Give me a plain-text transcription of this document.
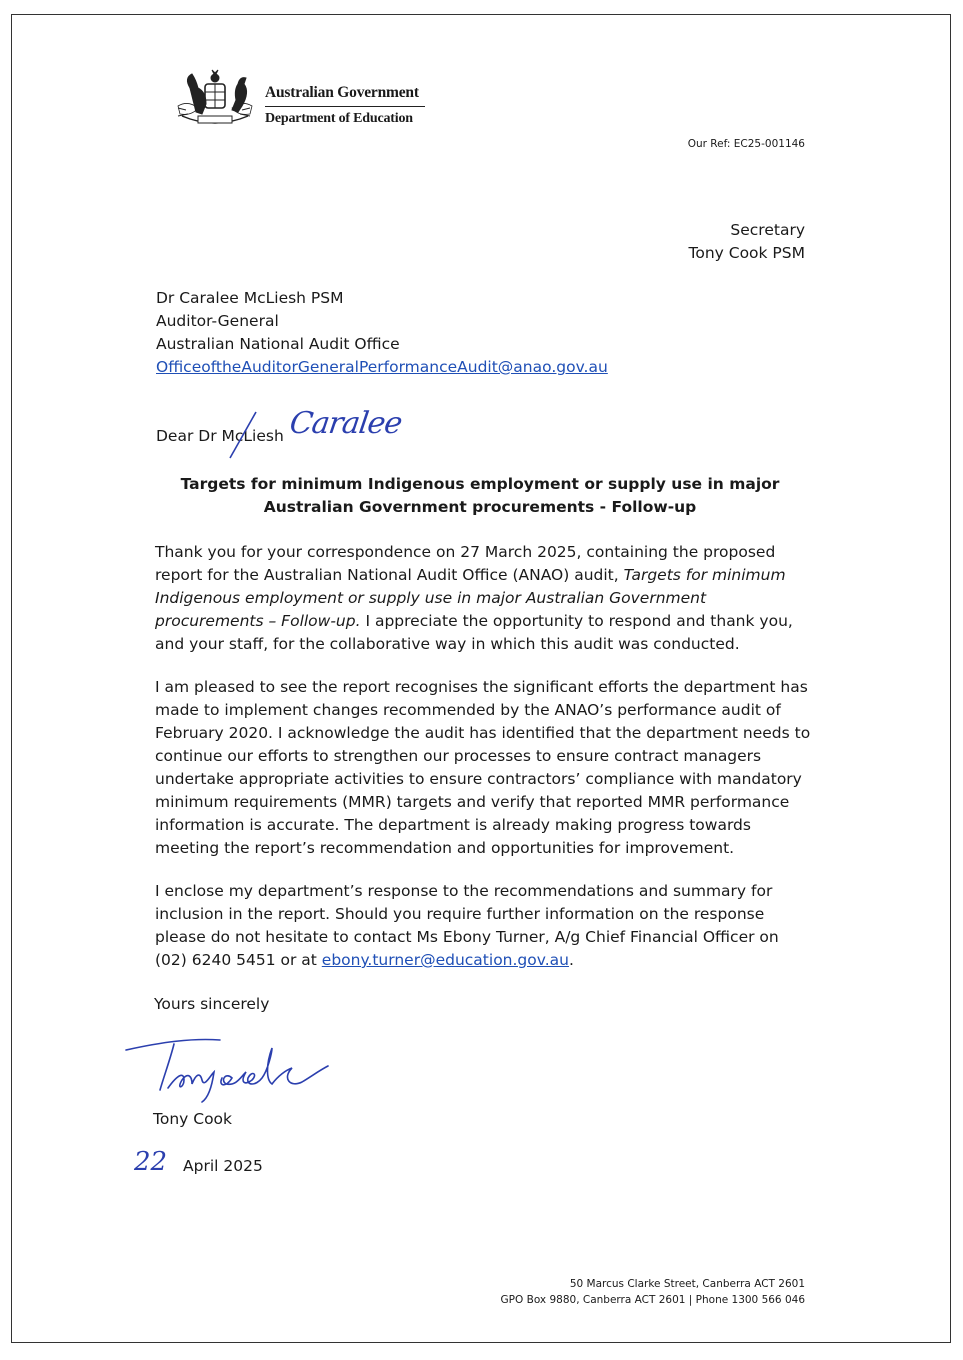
Australian Government
Department of Education
Our Ref: EC25-001146
Secretary
Tony Cook PSM
Dr Caralee McLiesh PSM
Auditor-General
Australian National Audit Office
OfficeoftheAuditorGeneralPerformanceAudit@anao.gov.au
Dear Dr McLiesh Caralee
Targets for minimum Indigenous employment or supply use in major
Australian Government procurements - Follow-up
Thank you for your correspondence on 27 March 2025, containing the proposed report for the Australian National Audit Office (ANAO) audit, Targets for minimum Indigenous employment or supply use in major Australian Government procurements – Follow-up. I appreciate the opportunity to respond and thank you, and your staff, for the collaborative way in which this audit was conducted.
I am pleased to see the report recognises the significant efforts the department has made to implement changes recommended by the ANAO’s performance audit of February 2020. I acknowledge the audit has identified that the department needs to continue our efforts to strengthen our processes to ensure contract managers undertake appropriate activities to ensure contractors’ compliance with mandatory minimum requirements (MMR) targets and verify that reported MMR performance information is accurate. The department is already making progress towards meeting the report’s recommendation and opportunities for improvement.
I enclose my department’s response to the recommendations and summary for inclusion in the report. Should you require further information on the response please do not hesitate to contact Ms Ebony Turner, A/g Chief Financial Officer on (02) 6240 5451 or at ebony.turner@education.gov.au.
Yours sincerely
Tony Cook
22 April 2025
50 Marcus Clarke Street, Canberra ACT 2601
GPO Box 9880, Canberra ACT 2601 | Phone 1300 566 046
